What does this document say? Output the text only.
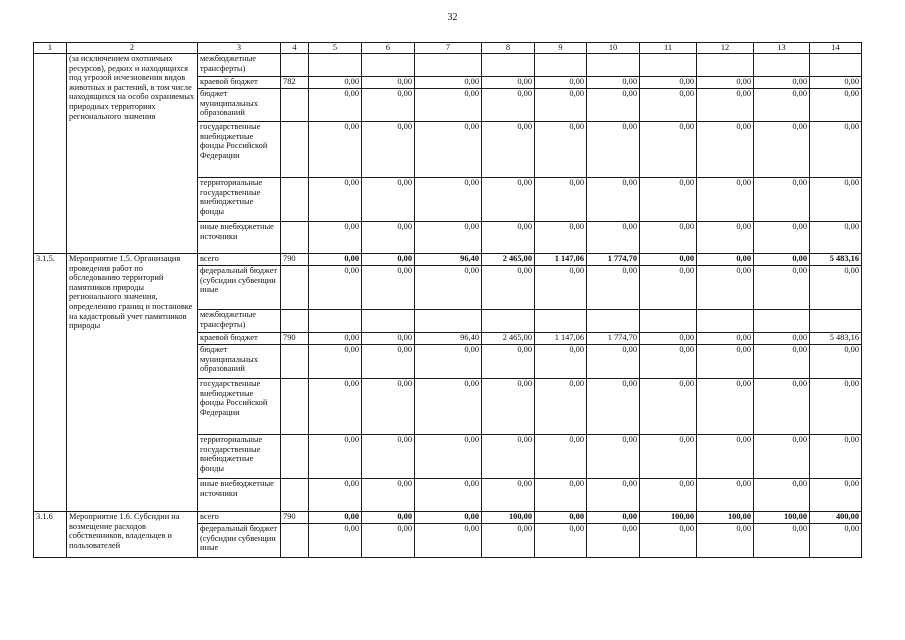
32
1	2	3	4	5	6	7	8	9	10	11	12	13	14
	(за исключением охотничьих ресурсов), редких и находящихся под угрозой исчезновения видов животных и растений, в том числе находящихся на особо охраняемых природных территориях регионального значения	межбюджетные трансферты)											
		краевой бюджет	782	0,00	0,00	0,00	0,00	0,00	0,00	0,00	0,00	0,00	0,00
		бюджет муниципальных образований		0,00	0,00	0,00	0,00	0,00	0,00	0,00	0,00	0,00	0,00
		государственные внебюджетные фонды Российской Федерации		0,00	0,00	0,00	0,00	0,00	0,00	0,00	0,00	0,00	0,00
		территориальные государственные внебюджетные фонды		0,00	0,00	0,00	0,00	0,00	0,00	0,00	0,00	0,00	0,00
		иные внебюджетные источники		0,00	0,00	0,00	0,00	0,00	0,00	0,00	0,00	0,00	0,00
3.1.5.	Мероприятие 1.5. Организация проведения работ по обследованию территорий памятников природы регионального значения, определению границ и постановке на кадастровый учет памятников природы	всего	790	0,00	0,00	96,40	2 465,00	1 147,06	1 774,70	0,00	0,00	0,00	5 483,16
		федеральный бюджет (субсидии субвенции иные		0,00	0,00	0,00	0,00	0,00	0,00	0,00	0,00	0,00	0,00
		межбюджетные трансферты)											
		краевой бюджет	790	0,00	0,00	96,40	2 465,00	1 147,06	1 774,70	0,00	0,00	0,00	5 483,16
		бюджет муниципальных образований		0,00	0,00	0,00	0,00	0,00	0,00	0,00	0,00	0,00	0,00
		государственные внебюджетные фонды Российской Федерации		0,00	0,00	0,00	0,00	0,00	0,00	0,00	0,00	0,00	0,00
		территориальные государственные внебюджетные фонды		0,00	0,00	0,00	0,00	0,00	0,00	0,00	0,00	0,00	0,00
		иные внебюджетные источники		0,00	0,00	0,00	0,00	0,00	0,00	0,00	0,00	0,00	0,00
3.1.6	Мероприятие 1.6. Субсидии на возмещение расходов собственников, владельцев и пользователей	всего	790	0,00	0,00	0,00	100,00	0,00	0,00	100,00	100,00	100,00	400,00
		федеральный бюджет (субсидии субвенции иные		0,00	0,00	0,00	0,00	0,00	0,00	0,00	0,00	0,00	0,00
